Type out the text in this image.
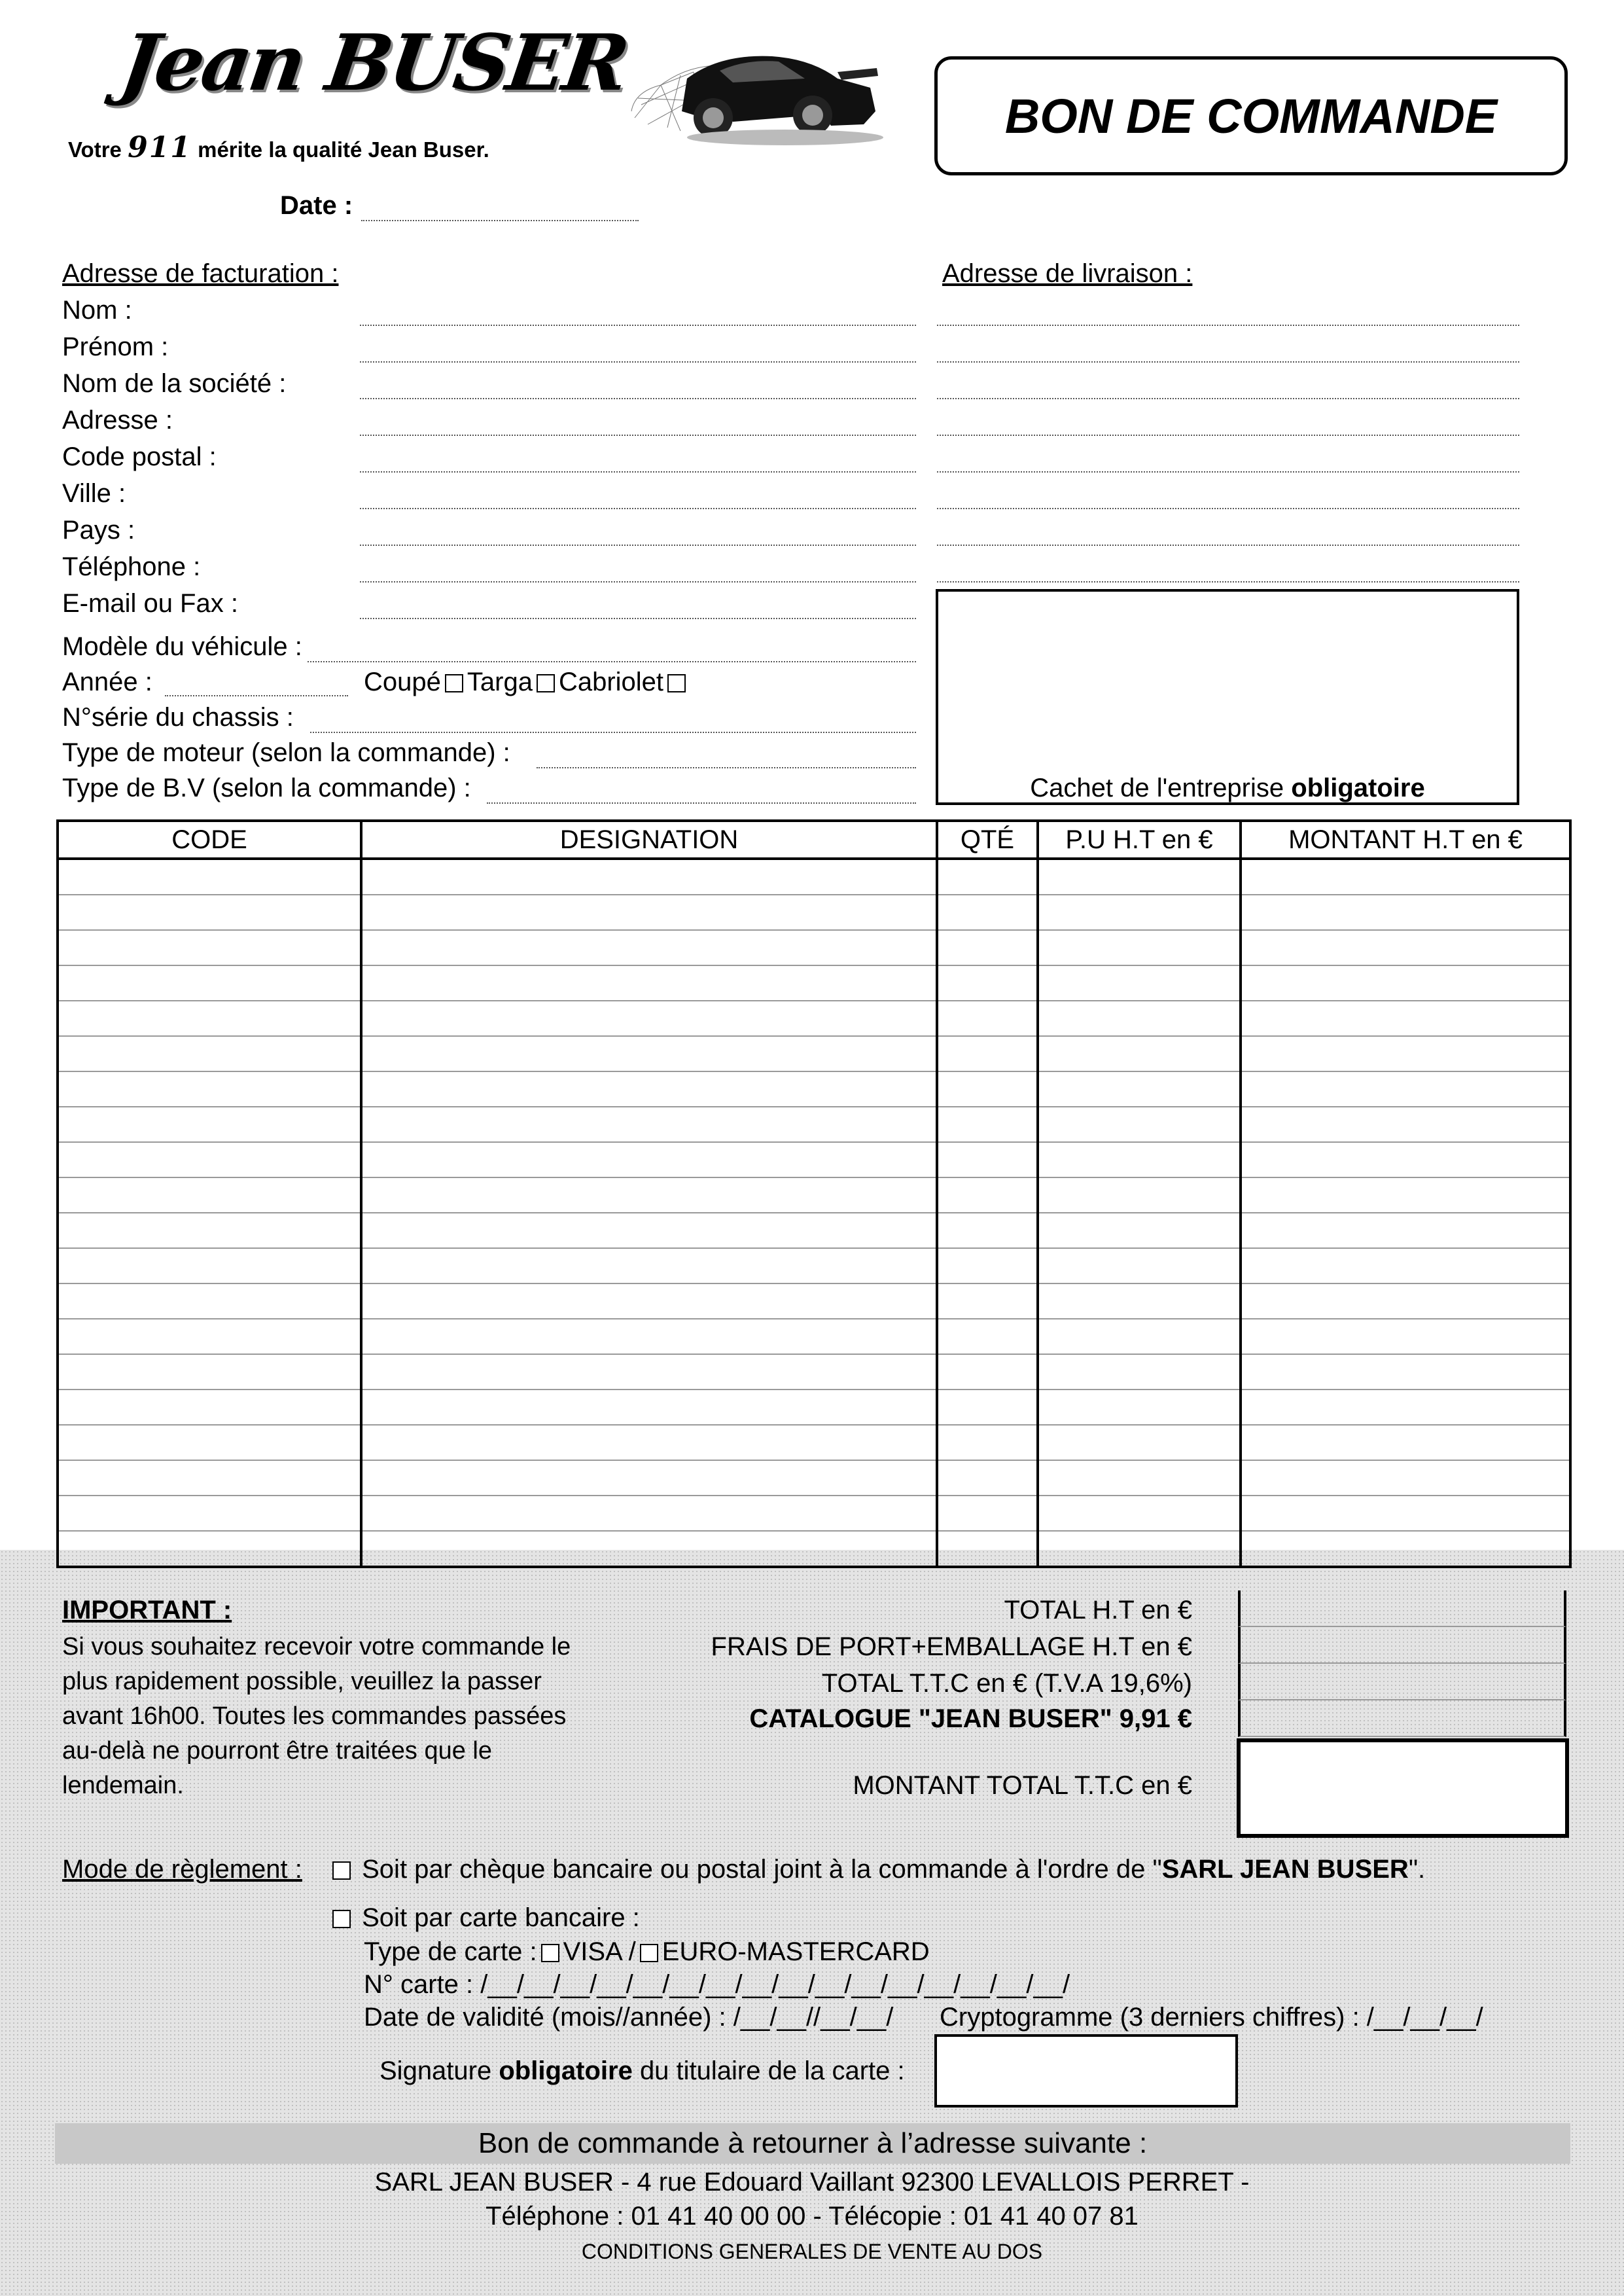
Jean BUSER
Votre 911 mérite la qualité Jean Buser.
BON DE COMMANDE
Date :
Adresse de facturation :	Adresse de livraison :
Nom :
Prénom :
Nom de la société :
Adresse :
Code postal :
Ville :
Pays :
Téléphone :
E-mail ou Fax :
Modèle du véhicule :
Année :	Coupé Targa Cabriolet
N°série du chassis :
Type de moteur (selon la commande) :
Type de B.V (selon la commande) :	Cachet de l'entreprise obligatoire
CODE	DESIGNATION	QTÉ	P.U H.T en €	MONTANT H.T en €

IMPORTANT :
Si vous souhaitez recevoir votre commande le
plus rapidement possible, veuillez la passer
avant 16h00. Toutes les commandes passées
au-delà ne pourront être traitées que le
lendemain.
TOTAL H.T en €
FRAIS DE PORT+EMBALLAGE H.T en €
TOTAL T.T.C en € (T.V.A 19,6%)
CATALOGUE "JEAN BUSER" 9,91 €
MONTANT TOTAL T.T.C en €
Mode de règlement :	Soit par chèque bancaire ou postal joint à la commande à l'ordre de "SARL JEAN BUSER".
Soit par carte bancaire :
Type de carte : VISA / EURO-MASTERCARD
N° carte : /__/__/__/__/__/__/__/__/__/__/__/__/__/__/__/__/
Date de validité (mois//année) : /__/__//__/__/ Cryptogramme (3 derniers chiffres) : /__/__/__/
Signature obligatoire du titulaire de la carte :
Bon de commande à retourner à l’adresse suivante :
SARL JEAN BUSER - 4 rue Edouard Vaillant 92300 LEVALLOIS PERRET -
Téléphone : 01 41 40 00 00 - Télécopie : 01 41 40 07 81
CONDITIONS GENERALES DE VENTE AU DOS
